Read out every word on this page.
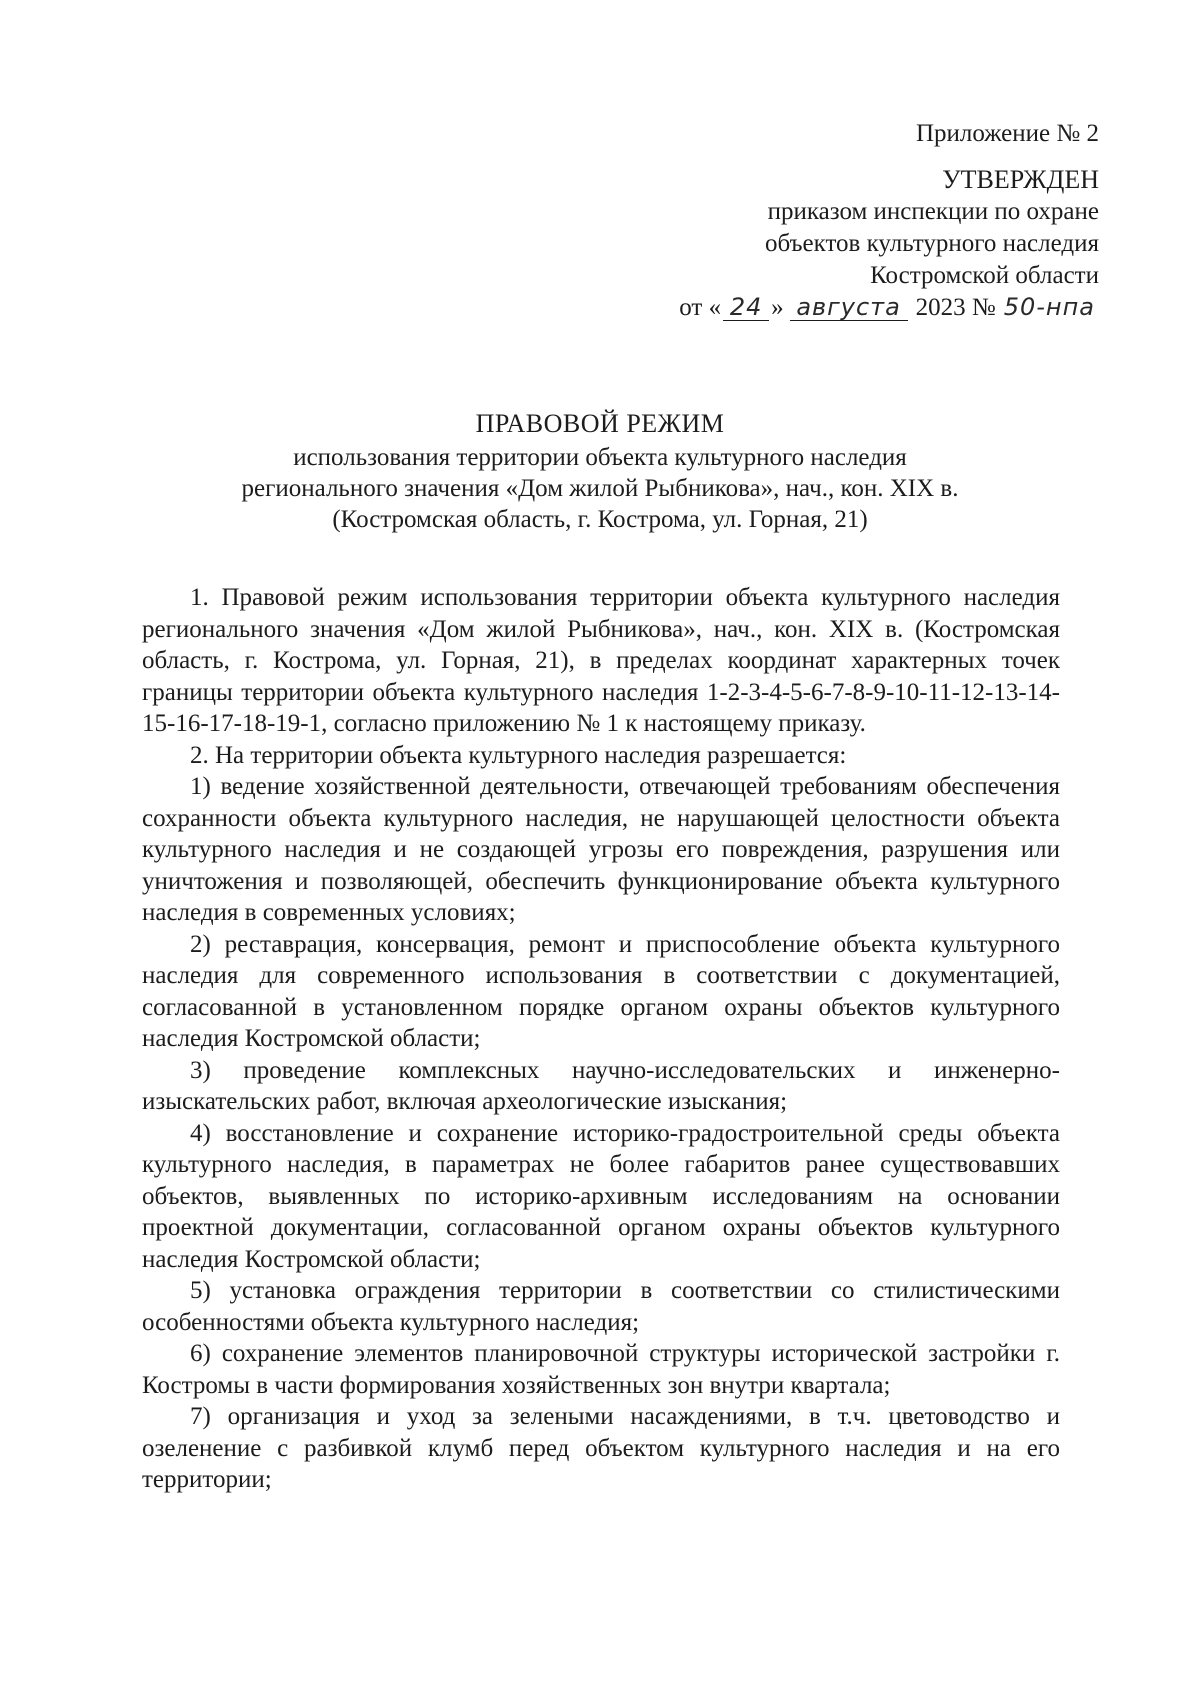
Приложение № 2
УТВЕРЖДЕН
приказом инспекции по охране
объектов культурного наследия
Костромской области
от « 24 » августа 2023 № 50-нпа
ПРАВОВОЙ РЕЖИМ
использования территории объекта культурного наследия
регионального значения «Дом жилой Рыбникова», нач., кон. XIX в.
(Костромская область, г. Кострома, ул. Горная, 21)

1. Правовой режим использования территории объекта культурного наследия регионального значения «Дом жилой Рыбникова», нач., кон. XIX в. (Костромская область, г. Кострома, ул. Горная, 21), в пределах координат характерных точек границы территории объекта культурного наследия 1-2-3-4-5-6-7-8-9-10-11-12-13-14-15-16-17-18-19-1, согласно приложению № 1 к настоящему приказу.

2. На территории объекта культурного наследия разрешается:

1) ведение хозяйственной деятельности, отвечающей требованиям обеспечения сохранности объекта культурного наследия, не нарушающей целостности объекта культурного наследия и не создающей угрозы его повреждения, разрушения или уничтожения и позволяющей, обеспечить функционирование объекта культурного наследия в современных условиях;

2) реставрация, консервация, ремонт и приспособление объекта культурного наследия для современного использования в соответствии с документацией, согласованной в установленном порядке органом охраны объектов культурного наследия Костромской области;

3) проведение комплексных научно-исследовательских и инженерно-изыскательских работ, включая археологические изыскания;

4) восстановление и сохранение историко-градостроительной среды объекта культурного наследия, в параметрах не более габаритов ранее существовавших объектов, выявленных по историко-архивным исследованиям на основании проектной документации, согласованной органом охраны объектов культурного наследия Костромской области;

5) установка ограждения территории в соответствии со стилистическими особенностями объекта культурного наследия;

6) сохранение элементов планировочной структуры исторической застройки г. Костромы в части формирования хозяйственных зон внутри квартала;

7) организация и уход за зелеными насаждениями, в т.ч. цветоводство и озеленение с разбивкой клумб перед объектом культурного наследия и на его территории;
